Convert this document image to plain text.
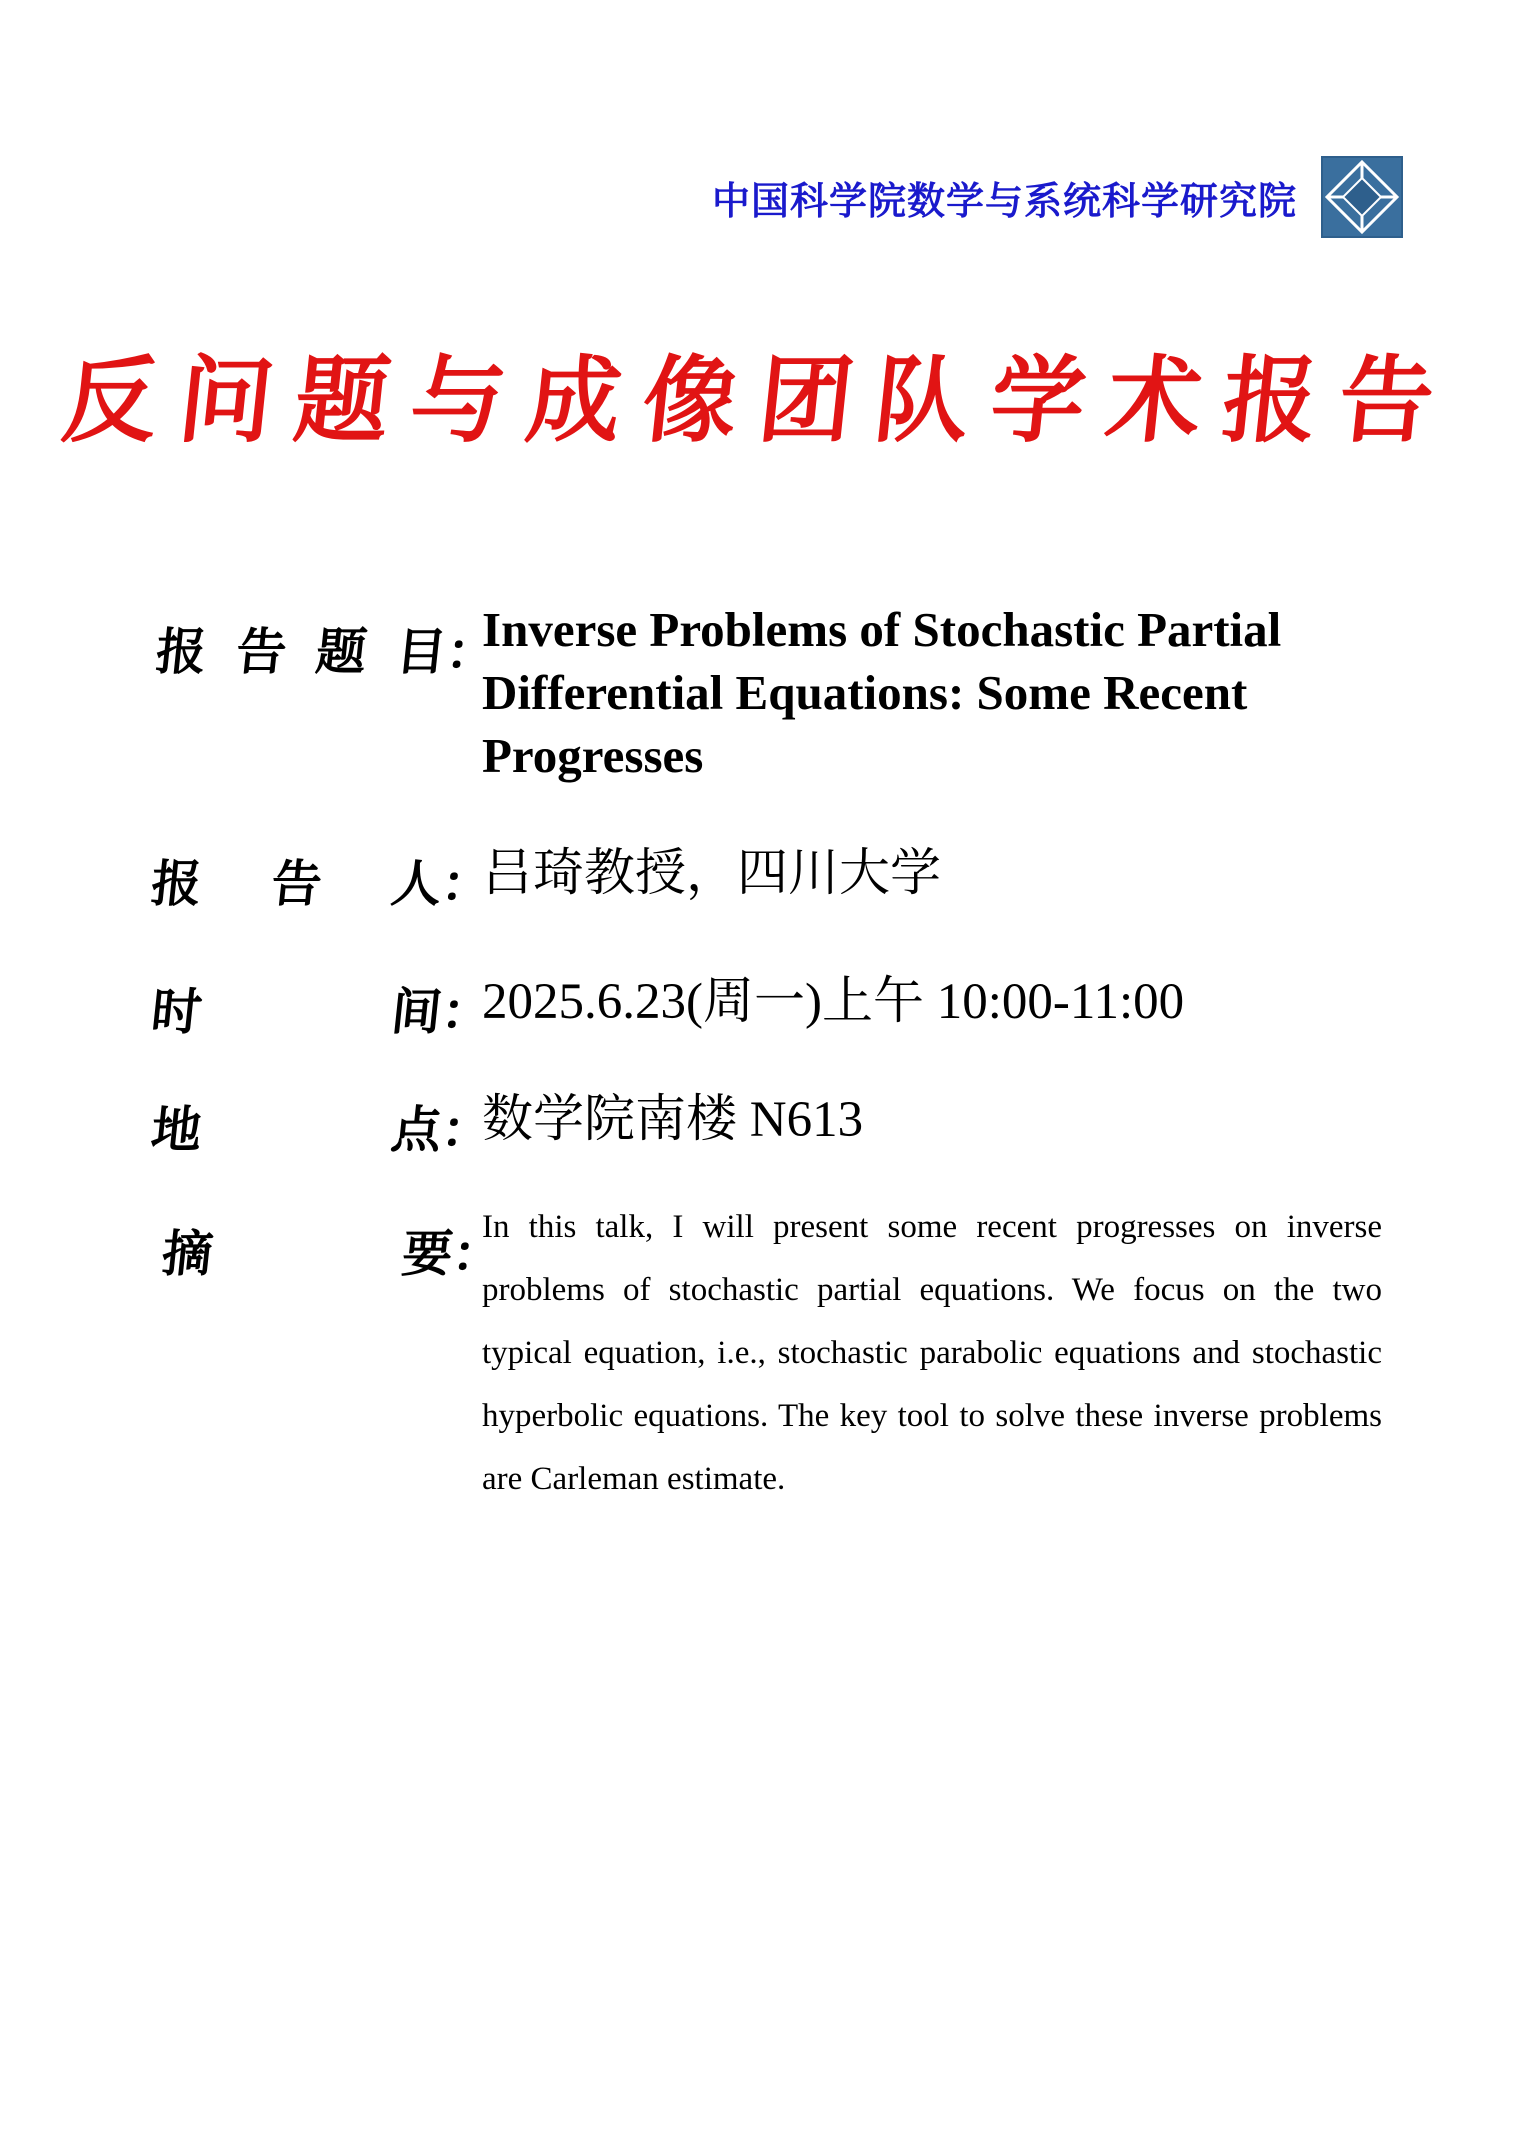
中国科学院数学与系统科学研究院
反问题与成像团队学术报告
报 告 题 目
：
Inverse Problems of Stochastic Partial Differential Equations: Some Recent Progresses
报 告 人
：
吕琦教授，四川大学
时	间
：
2025.6.23(周一)上午 10:00-11:00
地	点
：
数学院南楼 N613
摘	要
：
In this talk, I will present some recent progresses on inverse problems of stochastic partial equations. We focus on the two typical equation, i.e., stochastic parabolic equations and stochastic hyperbolic equations. The key tool to solve these inverse problems are Carleman estimate.
